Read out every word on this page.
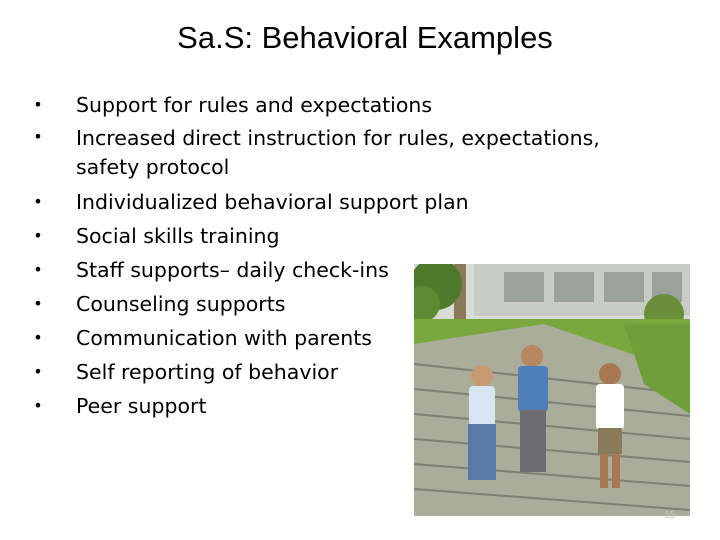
Sa.S: Behavioral Examples
• Support for rules and expectations
• Increased direct instruction for rules, expectations,
safety protocol
• Individualized behavioral support plan
• Social skills training
• Staff supports– daily check-ins
• Counseling supports
• Communication with parents
• Self reporting of behavior
• Peer support
15
